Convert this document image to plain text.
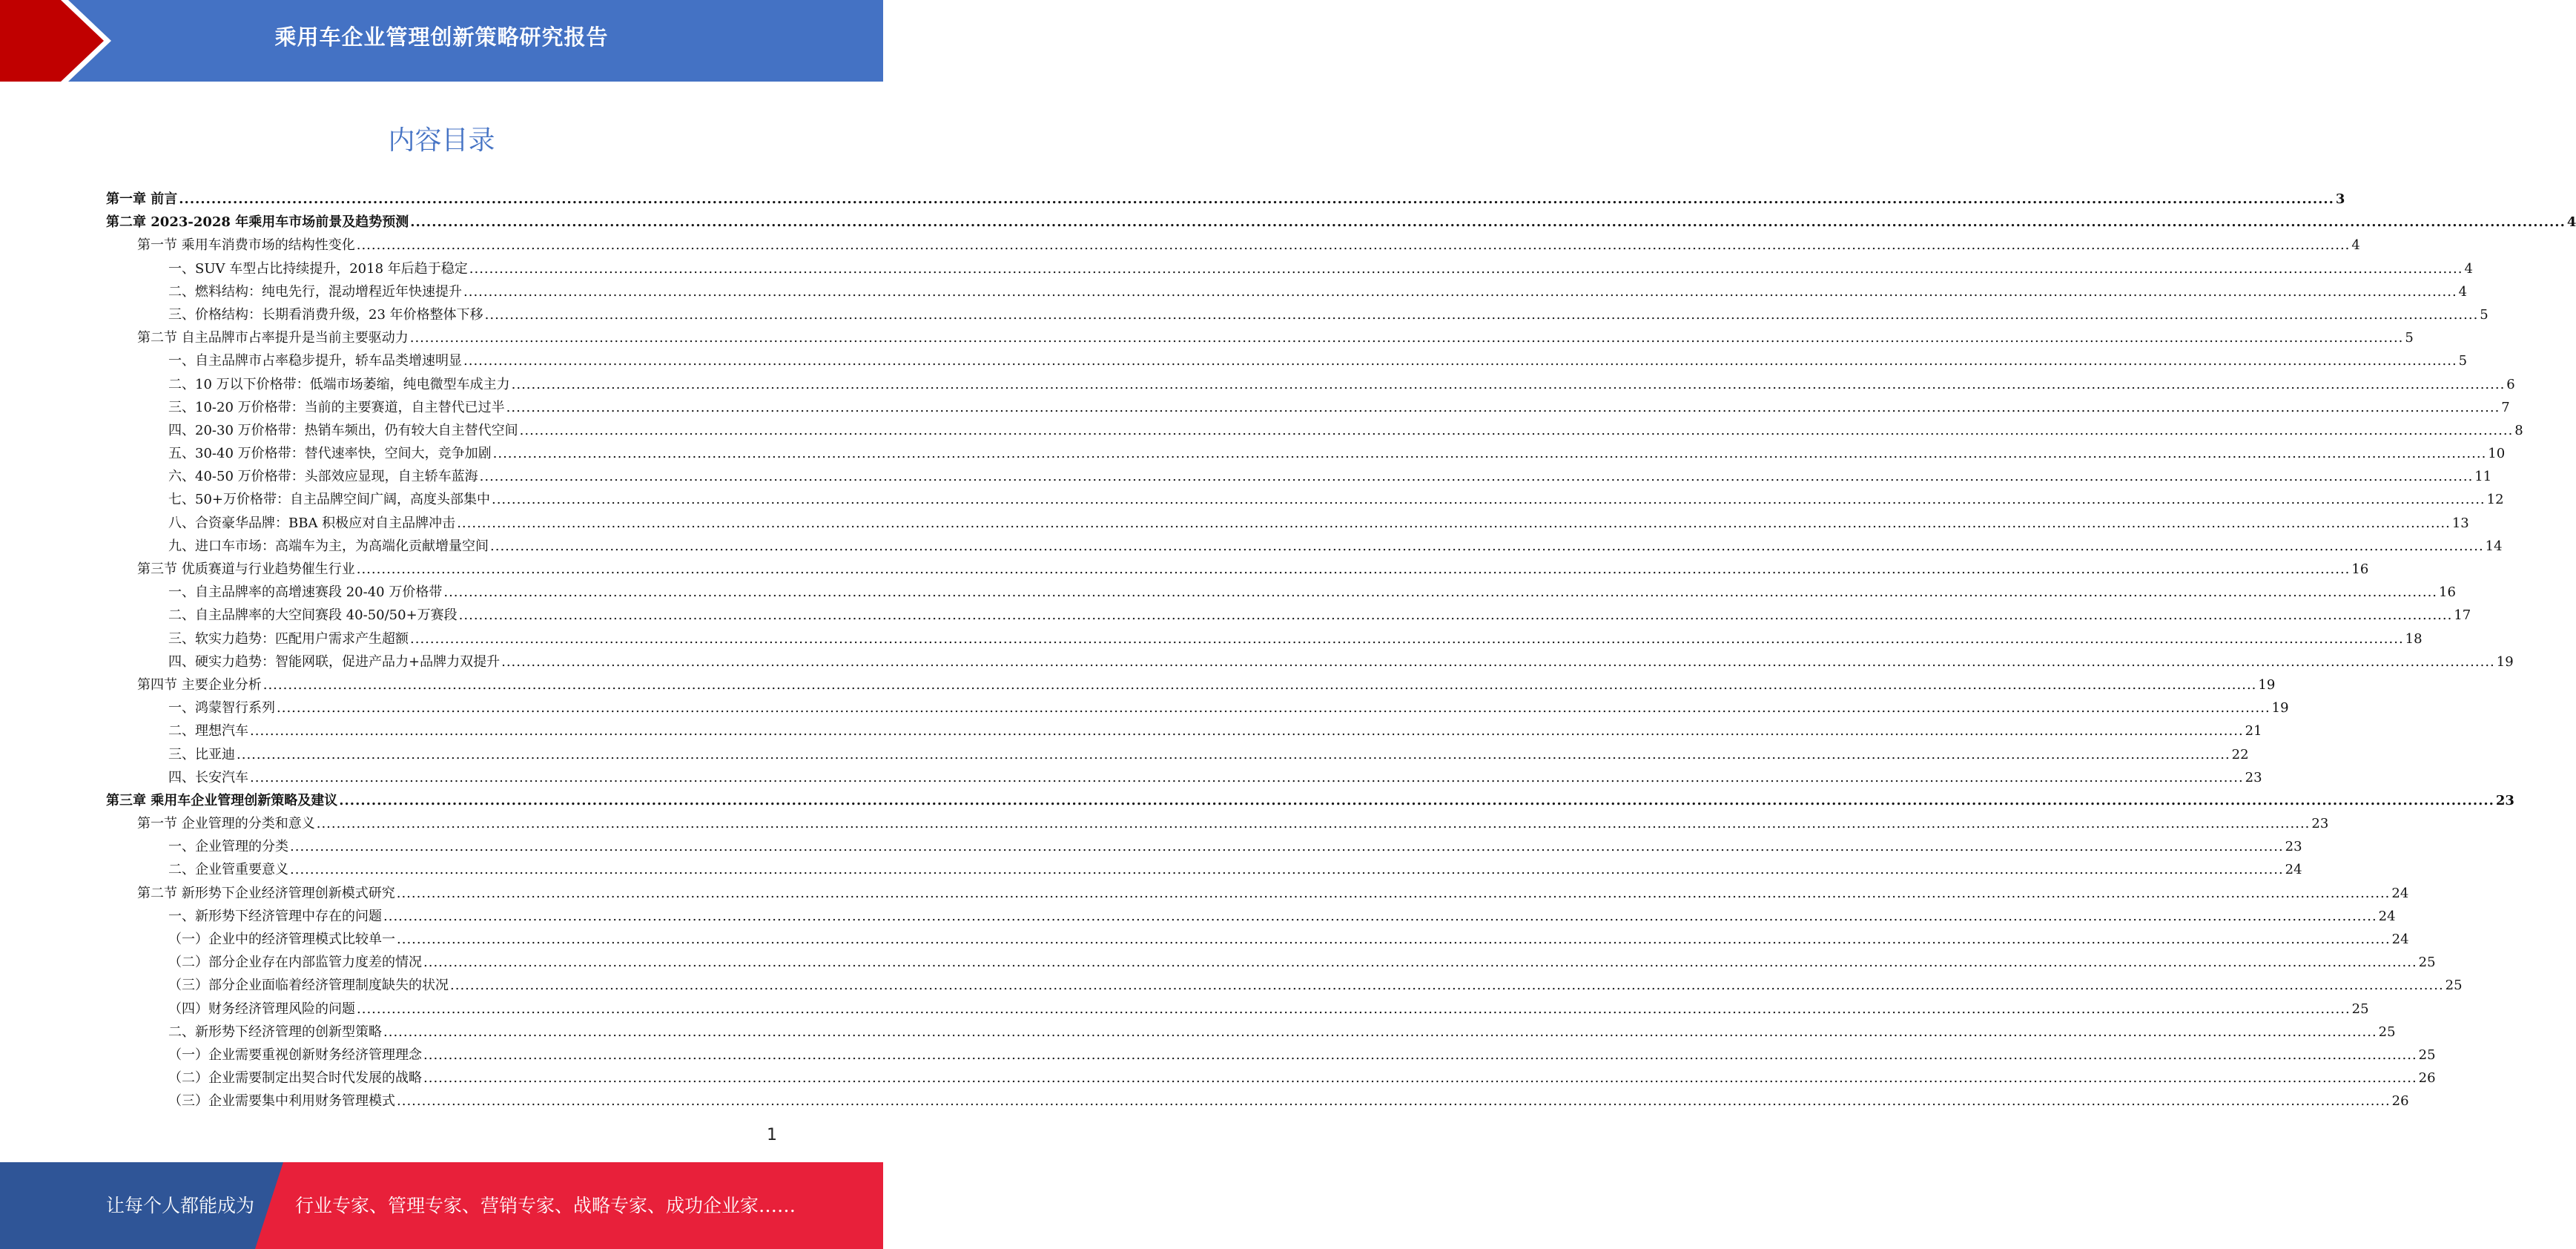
乘用车企业管理创新策略研究报告
内容目录
第一章 前言 ................................................................................................................................................................................................................................................................................................................................................................................................................ 3
第二章 2023-2028 年乘用车市场前景及趋势预测 ................................................................................................................................................................................................................................................................................................................................................................................................................ 4
第一节 乘用车消费市场的结构性变化 ................................................................................................................................................................................................................................................................................................................................................................................................................ 4
一、SUV 车型占比持续提升，2018 年后趋于稳定 ................................................................................................................................................................................................................................................................................................................................................................................................................ 4
二、燃料结构：纯电先行，混动增程近年快速提升 ................................................................................................................................................................................................................................................................................................................................................................................................................ 4
三、价格结构：长期看消费升级，23 年价格整体下移 ................................................................................................................................................................................................................................................................................................................................................................................................................ 5
第二节 自主品牌市占率提升是当前主要驱动力 ................................................................................................................................................................................................................................................................................................................................................................................................................ 5
一、自主品牌市占率稳步提升，轿车品类增速明显 ................................................................................................................................................................................................................................................................................................................................................................................................................ 5
二、10 万以下价格带：低端市场萎缩，纯电微型车成主力 ................................................................................................................................................................................................................................................................................................................................................................................................................ 6
三、10-20 万价格带：当前的主要赛道，自主替代已过半 ................................................................................................................................................................................................................................................................................................................................................................................................................ 7
四、20-30 万价格带：热销车频出，仍有较大自主替代空间 ................................................................................................................................................................................................................................................................................................................................................................................................................ 8
五、30-40 万价格带：替代速率快，空间大，竞争加剧 ................................................................................................................................................................................................................................................................................................................................................................................................................ 10
六、40-50 万价格带：头部效应显现，自主轿车蓝海 ................................................................................................................................................................................................................................................................................................................................................................................................................ 11
七、50+万价格带：自主品牌空间广阔，高度头部集中 ................................................................................................................................................................................................................................................................................................................................................................................................................ 12
八、合资豪华品牌：BBA 积极应对自主品牌冲击 ................................................................................................................................................................................................................................................................................................................................................................................................................ 13
九、进口车市场：高端车为主，为高端化贡献增量空间 ................................................................................................................................................................................................................................................................................................................................................................................................................ 14
第三节 优质赛道与行业趋势催生行业 ................................................................................................................................................................................................................................................................................................................................................................................................................ 16
一、自主品牌率的高增速赛段 20-40 万价格带 ................................................................................................................................................................................................................................................................................................................................................................................................................ 16
二、自主品牌率的大空间赛段 40-50/50+万赛段 ................................................................................................................................................................................................................................................................................................................................................................................................................ 17
三、软实力趋势：匹配用户需求产生超额 ................................................................................................................................................................................................................................................................................................................................................................................................................ 18
四、硬实力趋势：智能网联，促进产品力+品牌力双提升 ................................................................................................................................................................................................................................................................................................................................................................................................................ 19
第四节 主要企业分析 ................................................................................................................................................................................................................................................................................................................................................................................................................ 19
一、鸿蒙智行系列 ................................................................................................................................................................................................................................................................................................................................................................................................................ 19
二、理想汽车 ................................................................................................................................................................................................................................................................................................................................................................................................................ 21
三、比亚迪 ................................................................................................................................................................................................................................................................................................................................................................................................................ 22
四、长安汽车 ................................................................................................................................................................................................................................................................................................................................................................................................................ 23
第三章 乘用车企业管理创新策略及建议 ................................................................................................................................................................................................................................................................................................................................................................................................................ 23
第一节 企业管理的分类和意义 ................................................................................................................................................................................................................................................................................................................................................................................................................ 23
一、企业管理的分类 ................................................................................................................................................................................................................................................................................................................................................................................................................ 23
二、企业管重要意义 ................................................................................................................................................................................................................................................................................................................................................................................................................ 24
第二节 新形势下企业经济管理创新模式研究 ................................................................................................................................................................................................................................................................................................................................................................................................................ 24
一、新形势下经济管理中存在的问题 ................................................................................................................................................................................................................................................................................................................................................................................................................ 24
（一）企业中的经济管理模式比较单一 ................................................................................................................................................................................................................................................................................................................................................................................................................ 24
（二）部分企业存在内部监管力度差的情况 ................................................................................................................................................................................................................................................................................................................................................................................................................ 25
（三）部分企业面临着经济管理制度缺失的状况 ................................................................................................................................................................................................................................................................................................................................................................................................................ 25
（四）财务经济管理风险的问题 ................................................................................................................................................................................................................................................................................................................................................................................................................ 25
二、新形势下经济管理的创新型策略 ................................................................................................................................................................................................................................................................................................................................................................................................................ 25
（一）企业需要重视创新财务经济管理理念 ................................................................................................................................................................................................................................................................................................................................................................................................................ 25
（二）企业需要制定出契合时代发展的战略 ................................................................................................................................................................................................................................................................................................................................................................................................................ 26
（三）企业需要集中利用财务管理模式 ................................................................................................................................................................................................................................................................................................................................................................................................................ 26
1
让每个人都能成为 行业专家、管理专家、营销专家、战略专家、成功企业家……
